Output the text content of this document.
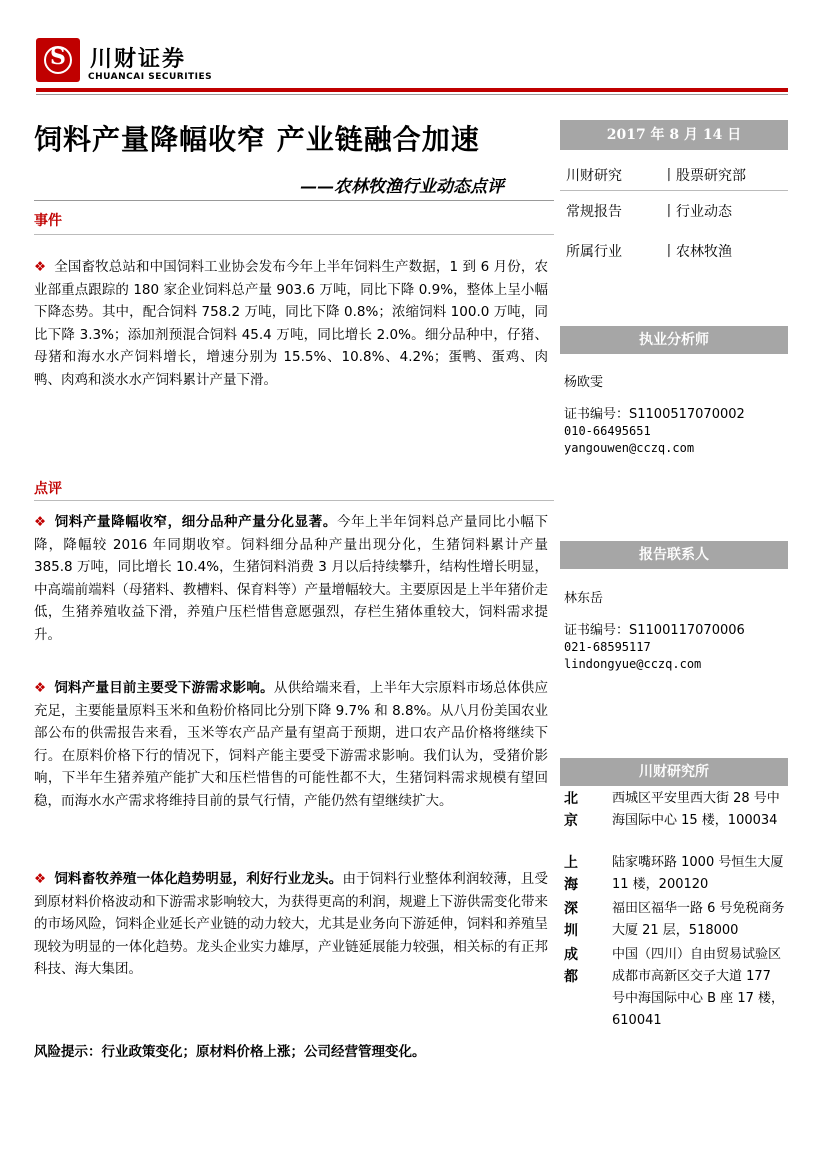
S	川财证券
CHUANCAI SECURITIES
饲料产量降幅收窄 产业链融合加速
——农林牧渔行业动态点评
2017 年 8 月 14 日
川财研究	丨股票研究部
常规报告	丨行业动态
所属行业	丨农林牧渔
执业分析师
杨欧雯
证书编号：S1100517070002
010-66495651
yangouwen@cczq.com
报告联系人
林东岳
证书编号：S1100117070006
021-68595117
lindongyue@cczq.com
川财研究所
北京
西城区平安里西大街 28 号中海国际中心 15 楼，100034
上海
陆家嘴环路 1000 号恒生大厦 11 楼，200120
深圳
福田区福华一路 6 号免税商务大厦 21 层，518000
成都
中国（四川）自由贸易试验区成都市高新区交子大道 177 号中海国际中心 B 座 17 楼，610041
事件
❖ 全国畜牧总站和中国饲料工业协会发布今年上半年饲料生产数据，1 到 6 月份，农业部重点跟踪的 180 家企业饲料总产量 903.6 万吨，同比下降 0.9%，整体上呈小幅下降态势。其中，配合饲料 758.2 万吨，同比下降 0.8%；浓缩饲料 100.0 万吨，同比下降 3.3%；添加剂预混合饲料 45.4 万吨，同比增长 2.0%。细分品种中，仔猪、母猪和海水水产饲料增长，增速分别为 15.5%、10.8%、4.2%；蛋鸭、蛋鸡、肉鸭、肉鸡和淡水水产饲料累计产量下滑。
点评
❖ 饲料产量降幅收窄，细分品种产量分化显著。今年上半年饲料总产量同比小幅下降，降幅较 2016 年同期收窄。饲料细分品种产量出现分化，生猪饲料累计产量 385.8 万吨，同比增长 10.4%，生猪饲料消费 3 月以后持续攀升，结构性增长明显，中高端前端料（母猪料、教槽料、保育料等）产量增幅较大。主要原因是上半年猪价走低，生猪养殖收益下滑，养殖户压栏惜售意愿强烈，存栏生猪体重较大，饲料需求提升。
❖ 饲料产量目前主要受下游需求影响。从供给端来看，上半年大宗原料市场总体供应充足，主要能量原料玉米和鱼粉价格同比分别下降 9.7% 和 8.8%。从八月份美国农业部公布的供需报告来看，玉米等农产品产量有望高于预期，进口农产品价格将继续下行。在原料价格下行的情况下，饲料产能主要受下游需求影响。我们认为，受猪价影响，下半年生猪养殖产能扩大和压栏惜售的可能性都不大，生猪饲料需求规模有望回稳，而海水水产需求将维持目前的景气行情，产能仍然有望继续扩大。
❖ 饲料畜牧养殖一体化趋势明显，利好行业龙头。由于饲料行业整体利润较薄，且受到原材料价格波动和下游需求影响较大，为获得更高的利润，规避上下游供需变化带来的市场风险，饲料企业延长产业链的动力较大，尤其是业务向下游延伸，饲料和养殖呈现较为明显的一体化趋势。龙头企业实力雄厚，产业链延展能力较强，相关标的有正邦科技、海大集团。
风险提示：行业政策变化；原材料价格上涨；公司经营管理变化。
